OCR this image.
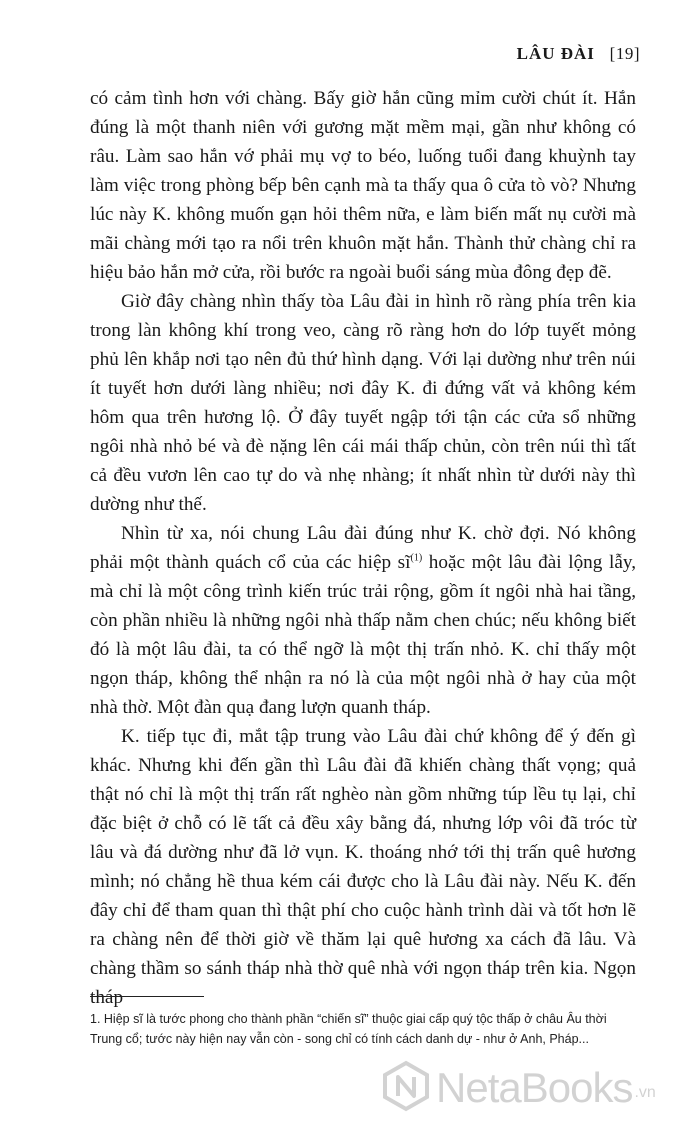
LÂU ĐÀI [19]

có cảm tình hơn với chàng. Bấy giờ hắn cũng mỉm cười chút ít. Hắn đúng là một thanh niên với gương mặt mềm mại, gần như không có râu. Làm sao hắn vớ phải mụ vợ to béo, luống tuổi đang khuỳnh tay làm việc trong phòng bếp bên cạnh mà ta thấy qua ô cửa tò vò? Nhưng lúc này K. không muốn gạn hỏi thêm nữa, e làm biến mất nụ cười mà mãi chàng mới tạo ra nổi trên khuôn mặt hắn. Thành thử chàng chỉ ra hiệu bảo hắn mở cửa, rồi bước ra ngoài buổi sáng mùa đông đẹp đẽ.

Giờ đây chàng nhìn thấy tòa Lâu đài in hình rõ ràng phía trên kia trong làn không khí trong veo, càng rõ ràng hơn do lớp tuyết mỏng phủ lên khắp nơi tạo nên đủ thứ hình dạng. Với lại dường như trên núi ít tuyết hơn dưới làng nhiều; nơi đây K. đi đứng vất vả không kém hôm qua trên hương lộ. Ở đây tuyết ngập tới tận các cửa sổ những ngôi nhà nhỏ bé và đè nặng lên cái mái thấp chủn, còn trên núi thì tất cả đều vươn lên cao tự do và nhẹ nhàng; ít nhất nhìn từ dưới này thì dường như thế.

Nhìn từ xa, nói chung Lâu đài đúng như K. chờ đợi. Nó không phải một thành quách cổ của các hiệp $sĩ^{(1)}$ hoặc một lâu đài lộng lẫy, mà chỉ là một công trình kiến trúc trải rộng, gồm ít ngôi nhà hai tầng, còn phần nhiều là những ngôi nhà thấp nằm chen chúc; nếu không biết đó là một lâu đài, ta có thể ngỡ là một thị trấn nhỏ. K. chỉ thấy một ngọn tháp, không thể nhận ra nó là của một ngôi nhà ở hay của một nhà thờ. Một đàn quạ đang lượn quanh tháp.

K. tiếp tục đi, mắt tập trung vào Lâu đài chứ không để ý đến gì khác. Nhưng khi đến gần thì Lâu đài đã khiến chàng thất vọng; quả thật nó chỉ là một thị trấn rất nghèo nàn gồm những túp lều tụ lại, chỉ đặc biệt ở chỗ có lẽ tất cả đều xây bằng đá, nhưng lớp vôi đã tróc từ lâu và đá dường như đã lở vụn. K. thoáng nhớ tới thị trấn quê hương mình; nó chẳng hề thua kém cái được cho là Lâu đài này. Nếu K. đến đây chỉ để tham quan thì thật phí cho cuộc hành trình dài và tốt hơn lẽ ra chàng nên để thời giờ về thăm lại quê hương xa cách đã lâu. Và chàng thầm so sánh tháp nhà thờ quê nhà với ngọn tháp trên kia. Ngọn tháp

1. Hiệp sĩ là tước phong cho thành phần “chiến sĩ” thuộc giai cấp quý tộc thấp ở châu Âu thời Trung cổ; tước này hiện nay vẫn còn - song chỉ có tính cách danh dự - như ở Anh, Pháp...
NetaBooks .vn
